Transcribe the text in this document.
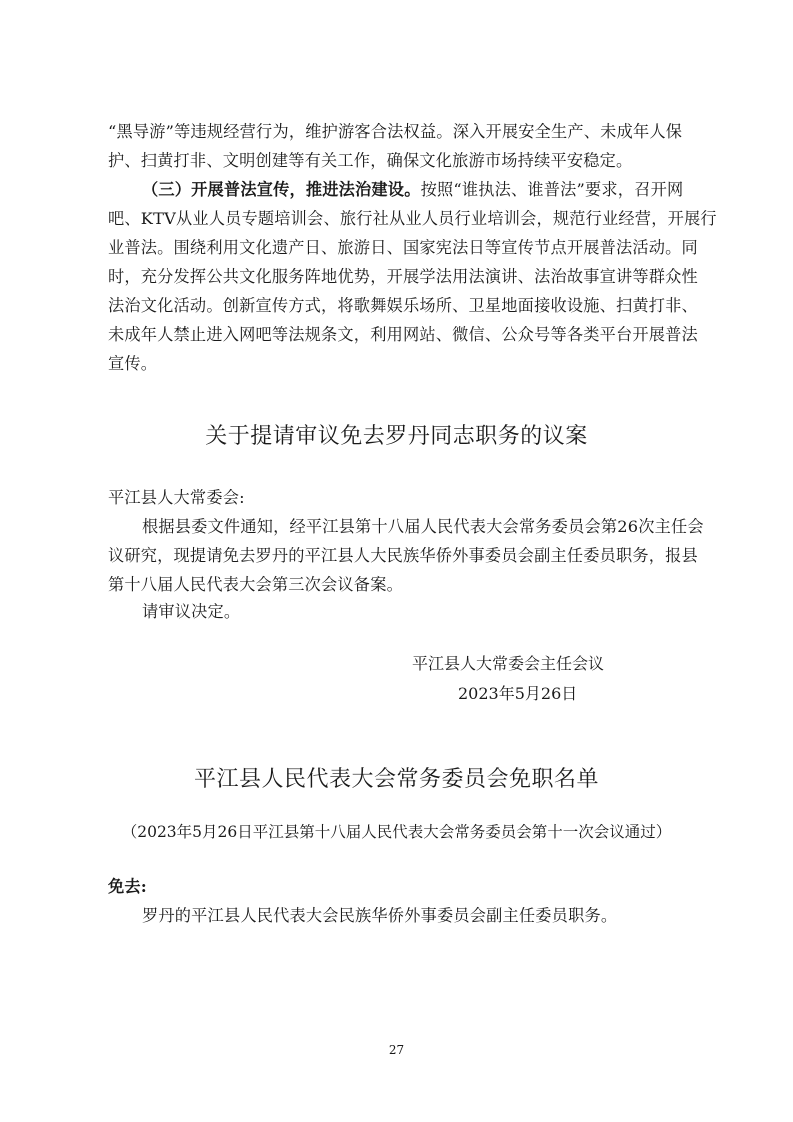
“黑导游”等违规经营行为，维护游客合法权益。深入开展安全生产、未成年人保
护、扫黄打非、文明创建等有关工作，确保文化旅游市场持续平安稳定。
（三）开展普法宣传，推进法治建设。按照“谁执法、谁普法”要求，召开网
吧、KTV从业人员专题培训会、旅行社从业人员行业培训会，规范行业经营，开展行
业普法。围绕利用文化遗产日、旅游日、国家宪法日等宣传节点开展普法活动。同
时，充分发挥公共文化服务阵地优势，开展学法用法演讲、法治故事宣讲等群众性
法治文化活动。创新宣传方式，将歌舞娱乐场所、卫星地面接收设施、扫黄打非、
未成年人禁止进入网吧等法规条文，利用网站、微信、公众号等各类平台开展普法
宣传。
关于提请审议免去罗丹同志职务的议案
平江县人大常委会:
根据县委文件通知，经平江县第十八届人民代表大会常务委员会第26次主任会
议研究，现提请免去罗丹的平江县人大民族华侨外事委员会副主任委员职务，报县
第十八届人民代表大会第三次会议备案。
请审议决定。
平江县人大常委会主任会议
2023年5月26日
平江县人民代表大会常务委员会免职名单
（2023年5月26日平江县第十八届人民代表大会常务委员会第十一次会议通过）
免去:
罗丹的平江县人民代表大会民族华侨外事委员会副主任委员职务。
27
